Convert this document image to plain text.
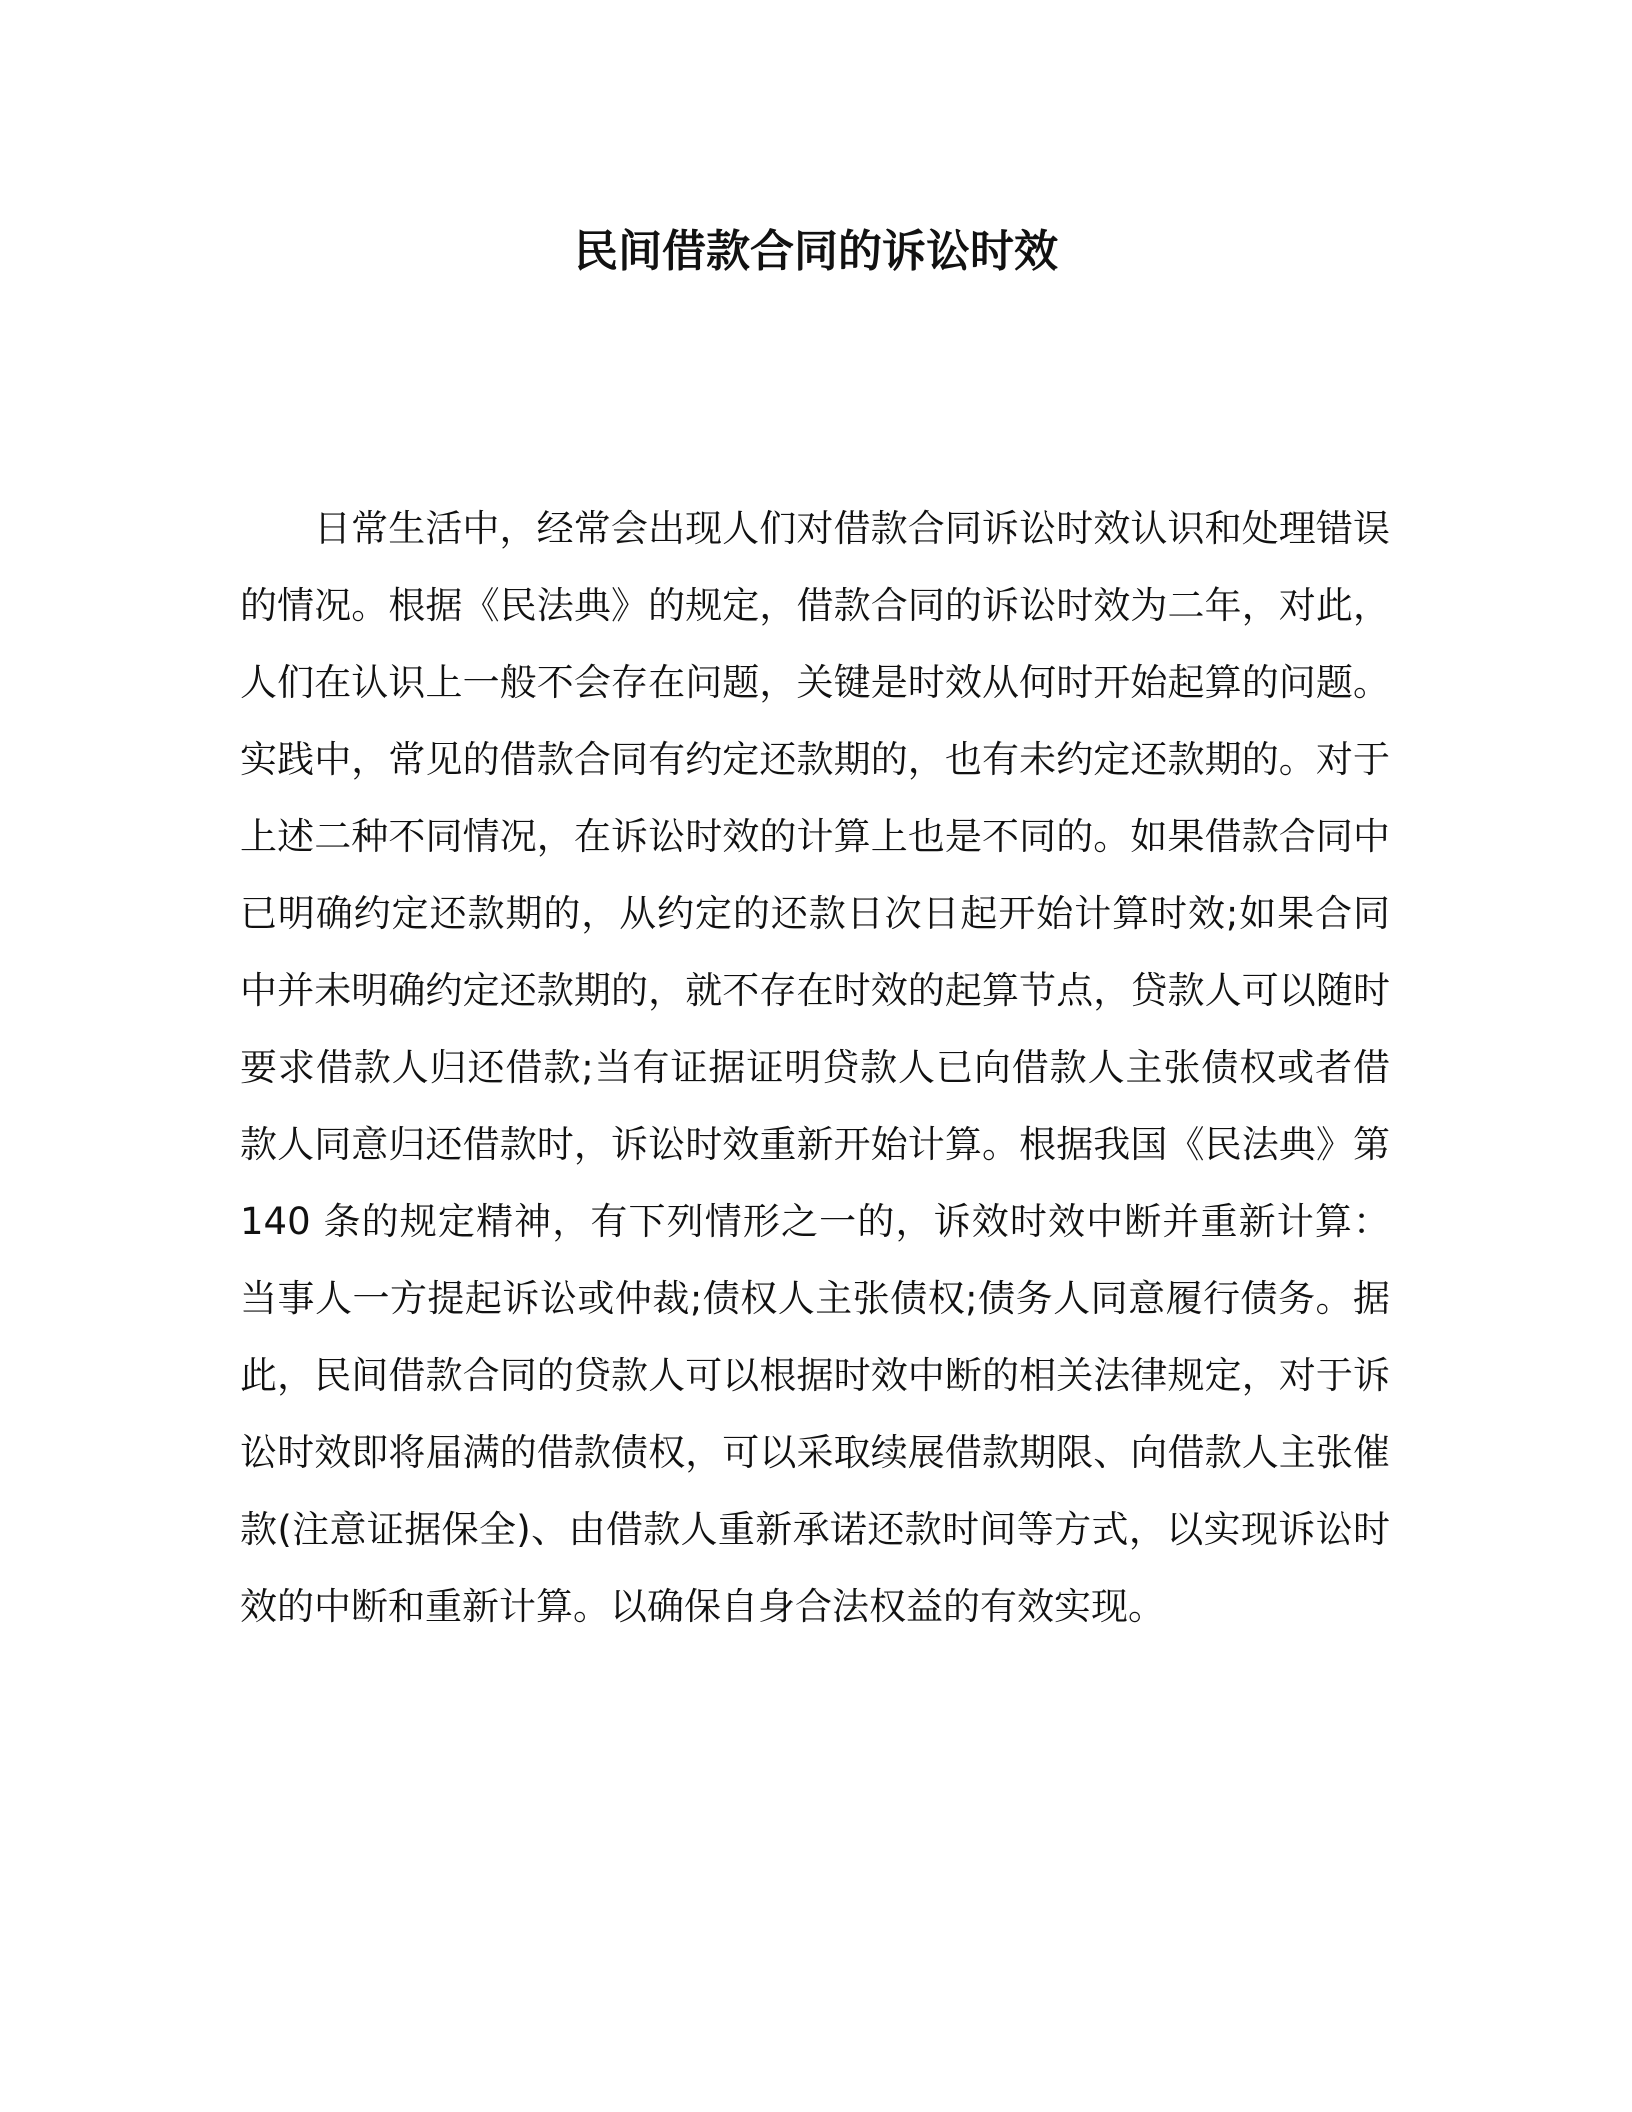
民间借款合同的诉讼时效

日常生活中，经常会出现人们对借款合同诉讼时效认识和处理错误的情况。根据《民法典》的规定，借款合同的诉讼时效为二年，对此，人们在认识上一般不会存在问题，关键是时效从何时开始起算的问题。实践中，常见的借款合同有约定还款期的，也有未约定还款期的。对于上述二种不同情况，在诉讼时效的计算上也是不同的。如果借款合同中已明确约定还款期的，从约定的还款日次日起开始计算时效;如果合同中并未明确约定还款期的，就不存在时效的起算节点，贷款人可以随时要求借款人归还借款;当有证据证明贷款人已向借款人主张债权或者借款人同意归还借款时，诉讼时效重新开始计算。根据我国《民法典》第 140 条的规定精神，有下列情形之一的，诉效时效中断并重新计算：当事人一方提起诉讼或仲裁;债权人主张债权;债务人同意履行债务。据此，民间借款合同的贷款人可以根据时效中断的相关法律规定，对于诉讼时效即将届满的借款债权，可以采取续展借款期限、向借款人主张催款(注意证据保全)、由借款人重新承诺还款时间等方式，以实现诉讼时效的中断和重新计算。以确保自身合法权益的有效实现。
